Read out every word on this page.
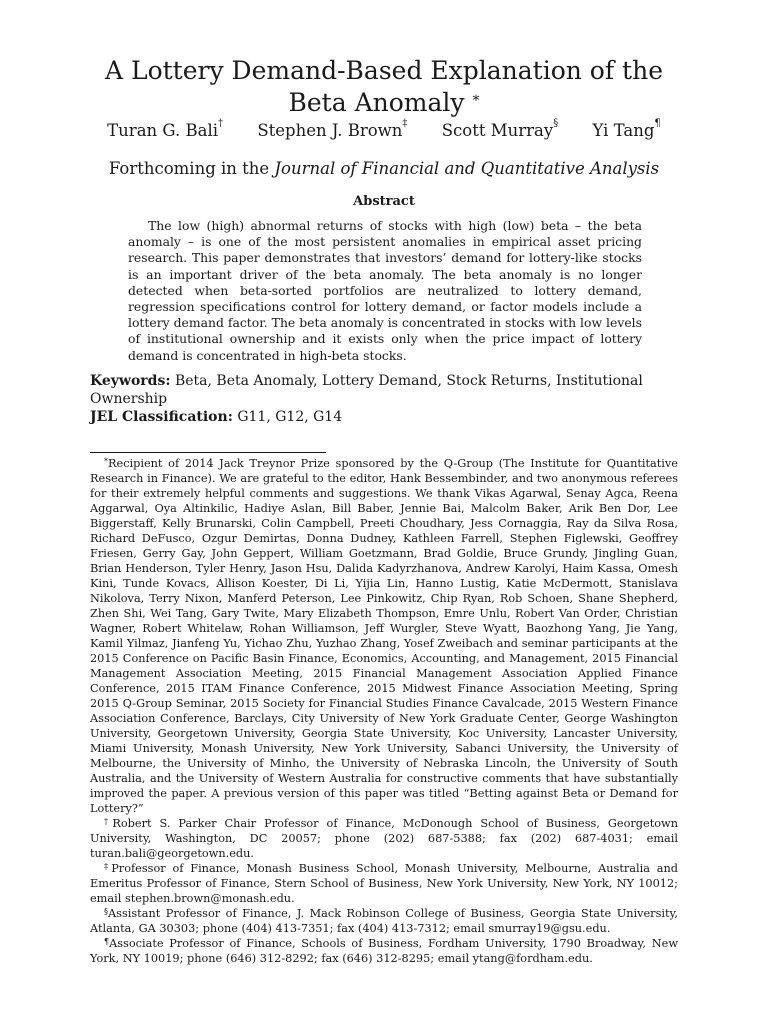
A Lottery Demand-Based Explanation of the Beta Anomaly *
Turan G. Bali† Stephen J. Brown‡ Scott Murray§ Yi Tang¶
Forthcoming in the Journal of Financial and Quantitative Analysis
Abstract

The low (high) abnormal returns of stocks with high (low) beta – the beta anomaly – is one of the most persistent anomalies in empirical asset pricing research. This paper demonstrates that investors’ demand for lottery-like stocks is an important driver of the beta anomaly. The beta anomaly is no longer detected when beta-sorted portfolios are neutralized to lottery demand, regression specifications control for lottery demand, or factor models include a lottery demand factor. The beta anomaly is concentrated in stocks with low levels of institutional ownership and it exists only when the price impact of lottery demand is concentrated in high-beta stocks.

Keywords: Beta, Beta Anomaly, Lottery Demand, Stock Returns, Institutional Ownership
JEL Classification: G11, G12, G14

*Recipient of 2014 Jack Treynor Prize sponsored by the Q-Group (The Institute for Quantitative Research in Finance). We are grateful to the editor, Hank Bessembinder, and two anonymous referees for their extremely helpful comments and suggestions. We thank Vikas Agarwal, Senay Agca, Reena Aggarwal, Oya Altinkilic, Hadiye Aslan, Bill Baber, Jennie Bai, Malcolm Baker, Arik Ben Dor, Lee Biggerstaff, Kelly Brunarski, Colin Campbell, Preeti Choudhary, Jess Cornaggia, Ray da Silva Rosa, Richard DeFusco, Ozgur Demirtas, Donna Dudney, Kathleen Farrell, Stephen Figlewski, Geoffrey Friesen, Gerry Gay, John Geppert, William Goetzmann, Brad Goldie, Bruce Grundy, Jingling Guan, Brian Henderson, Tyler Henry, Jason Hsu, Dalida Kadyrzhanova, Andrew Karolyi, Haim Kassa, Omesh Kini, Tunde Kovacs, Allison Koester, Di Li, Yijia Lin, Hanno Lustig, Katie McDermott, Stanislava Nikolova, Terry Nixon, Manferd Peterson, Lee Pinkowitz, Chip Ryan, Rob Schoen, Shane Shepherd, Zhen Shi, Wei Tang, Gary Twite, Mary Elizabeth Thompson, Emre Unlu, Robert Van Order, Christian Wagner, Robert Whitelaw, Rohan Williamson, Jeff Wurgler, Steve Wyatt, Baozhong Yang, Jie Yang, Kamil Yilmaz, Jianfeng Yu, Yichao Zhu, Yuzhao Zhang, Yosef Zweibach and seminar participants at the 2015 Conference on Pacific Basin Finance, Economics, Accounting, and Management, 2015 Financial Management Association Meeting, 2015 Financial Management Association Applied Finance Conference, 2015 ITAM Finance Conference, 2015 Midwest Finance Association Meeting, Spring 2015 Q-Group Seminar, 2015 Society for Financial Studies Finance Cavalcade, 2015 Western Finance Association Conference, Barclays, City University of New York Graduate Center, George Washington University, Georgetown University, Georgia State University, Koc University, Lancaster University, Miami University, Monash University, New York University, Sabanci University, the University of Melbourne, the University of Minho, the University of Nebraska Lincoln, the University of South Australia, and the University of Western Australia for constructive comments that have substantially improved the paper. A previous version of this paper was titled “Betting against Beta or Demand for Lottery?”

†Robert S. Parker Chair Professor of Finance, McDonough School of Business, Georgetown University, Washington, DC 20057; phone (202) 687-5388; fax (202) 687-4031; email turan.bali@georgetown.edu.

‡Professor of Finance, Monash Business School, Monash University, Melbourne, Australia and Emeritus Professor of Finance, Stern School of Business, New York University, New York, NY 10012; email stephen.brown@monash.edu.

§Assistant Professor of Finance, J. Mack Robinson College of Business, Georgia State University, Atlanta, GA 30303; phone (404) 413-7351; fax (404) 413-7312; email smurray19@gsu.edu.

¶Associate Professor of Finance, Schools of Business, Fordham University, 1790 Broadway, New York, NY 10019; phone (646) 312-8292; fax (646) 312-8295; email ytang@fordham.edu.
